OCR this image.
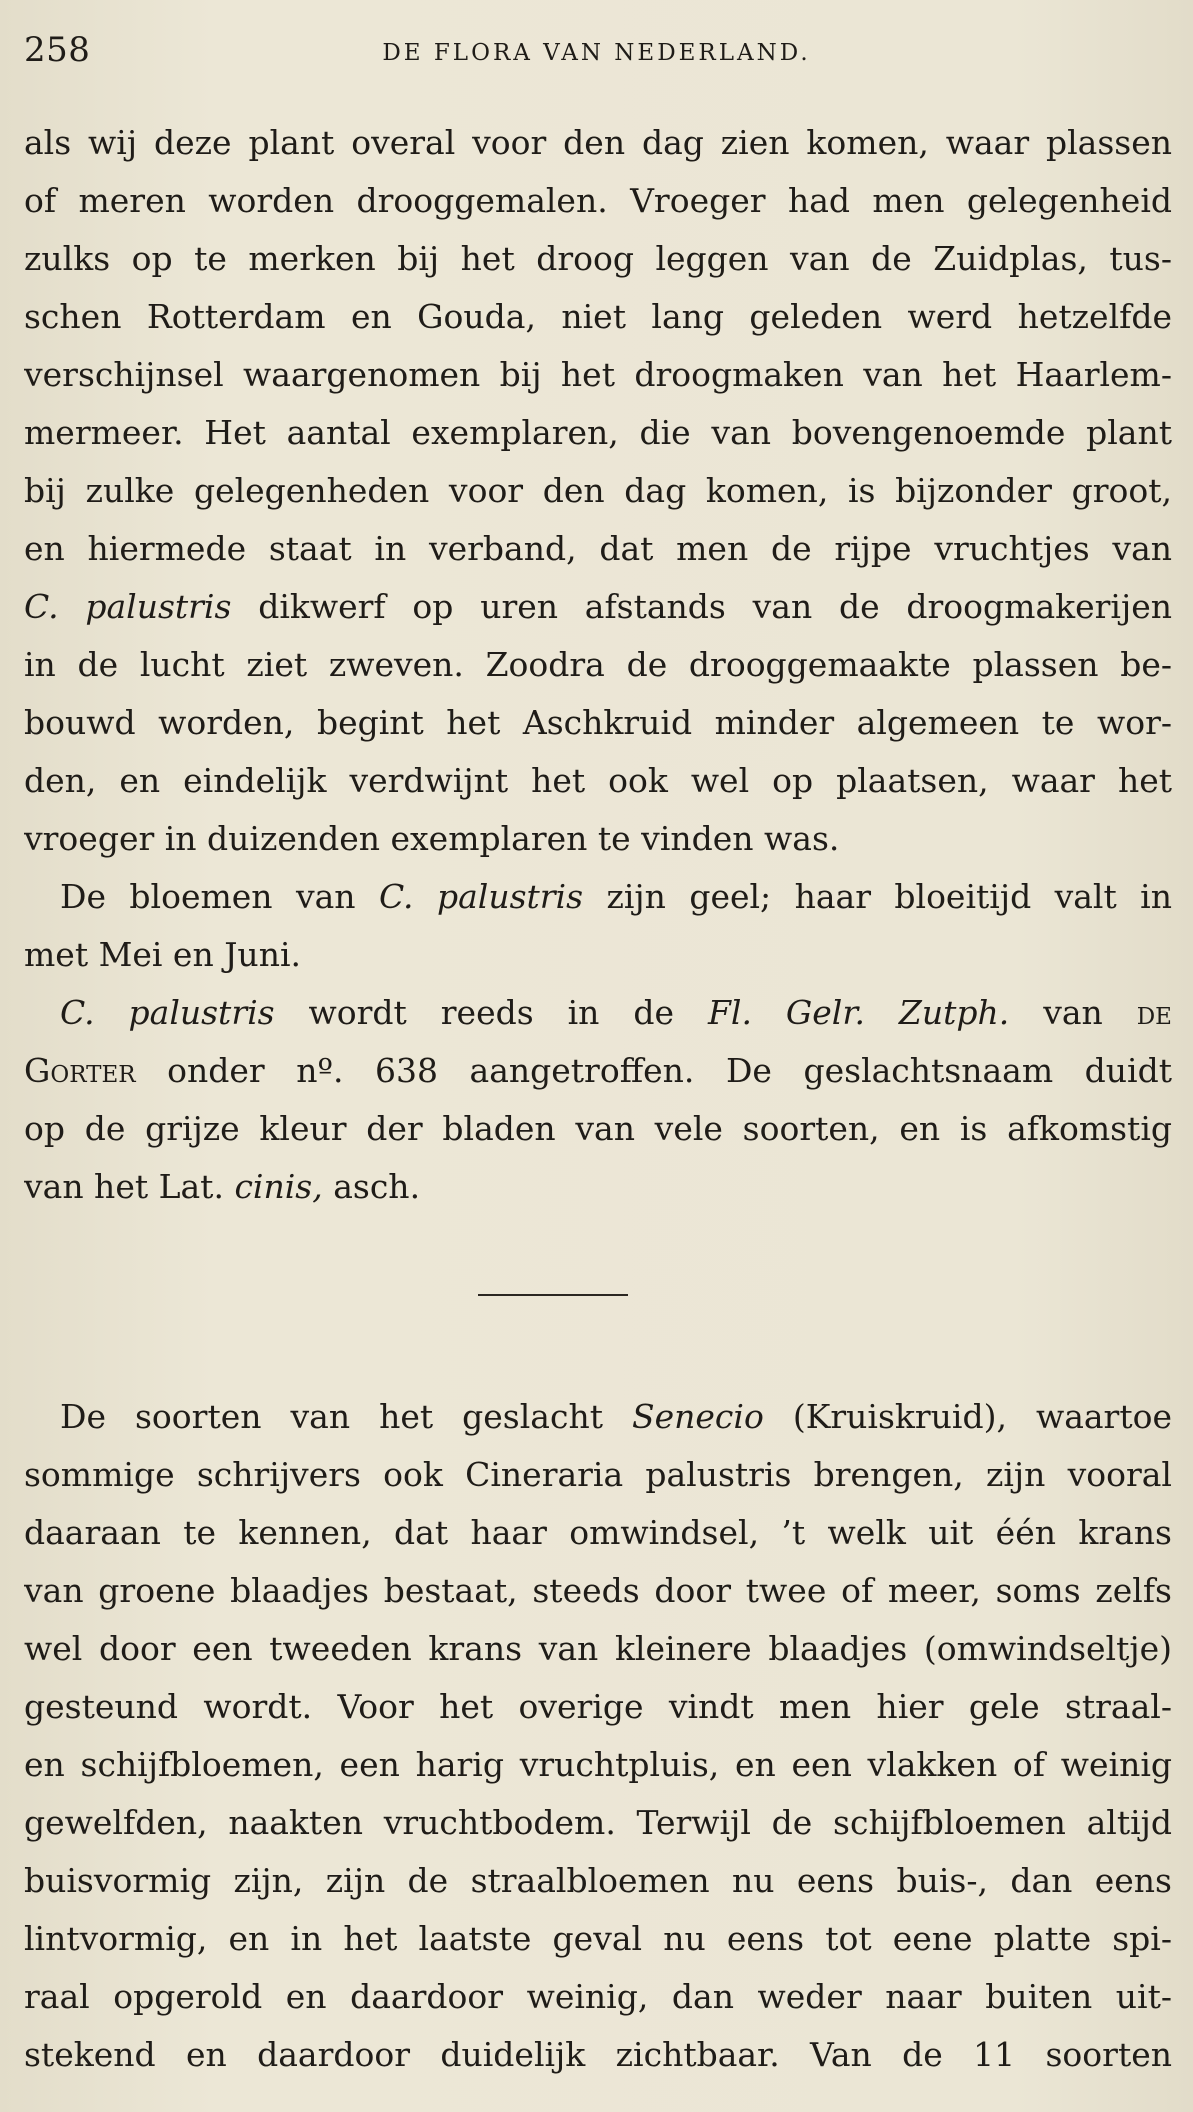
258	DE FLORA VAN NEDERLAND.
als wij deze plant overal voor den dag zien komen, waar plassen
of meren worden drooggemalen. Vroeger had men gelegenheid
zulks op te merken bij het droog leggen van de Zuidplas, tus-
schen Rotterdam en Gouda, niet lang geleden werd hetzelfde
verschijnsel waargenomen bij het droogmaken van het Haarlem-
mermeer. Het aantal exemplaren, die van bovengenoemde plant
bij zulke gelegenheden voor den dag komen, is bijzonder groot,
en hiermede staat in verband, dat men de rijpe vruchtjes van
C. palustris dikwerf op uren afstands van de droogmakerijen
in de lucht ziet zweven. Zoodra de drooggemaakte plassen be-
bouwd worden, begint het Aschkruid minder algemeen te wor-
den, en eindelijk verdwijnt het ook wel op plaatsen, waar het
vroeger in duizenden exemplaren te vinden was.
De bloemen van C. palustris zijn geel; haar bloeitijd valt in
met Mei en Juni.
C. palustris wordt reeds in de Fl. Gelr. Zutph. van de
Gorter onder nº. 638 aangetroffen. De geslachtsnaam duidt
op de grijze kleur der bladen van vele soorten, en is afkomstig
van het Lat. cinis, asch.
De soorten van het geslacht Senecio (Kruiskruid), waartoe
sommige schrijvers ook Cineraria palustris brengen, zijn vooral
daaraan te kennen, dat haar omwindsel, ’t welk uit één krans
van groene blaadjes bestaat, steeds door twee of meer, soms zelfs
wel door een tweeden krans van kleinere blaadjes (omwindseltje)
gesteund wordt. Voor het overige vindt men hier gele straal-
en schijfbloemen, een harig vruchtpluis, en een vlakken of weinig
gewelfden, naakten vruchtbodem. Terwijl de schijfbloemen altijd
buisvormig zijn, zijn de straalbloemen nu eens buis-, dan eens
lintvormig, en in het laatste geval nu eens tot eene platte spi-
raal opgerold en daardoor weinig, dan weder naar buiten uit-
stekend en daardoor duidelijk zichtbaar. Van de 11 soorten
